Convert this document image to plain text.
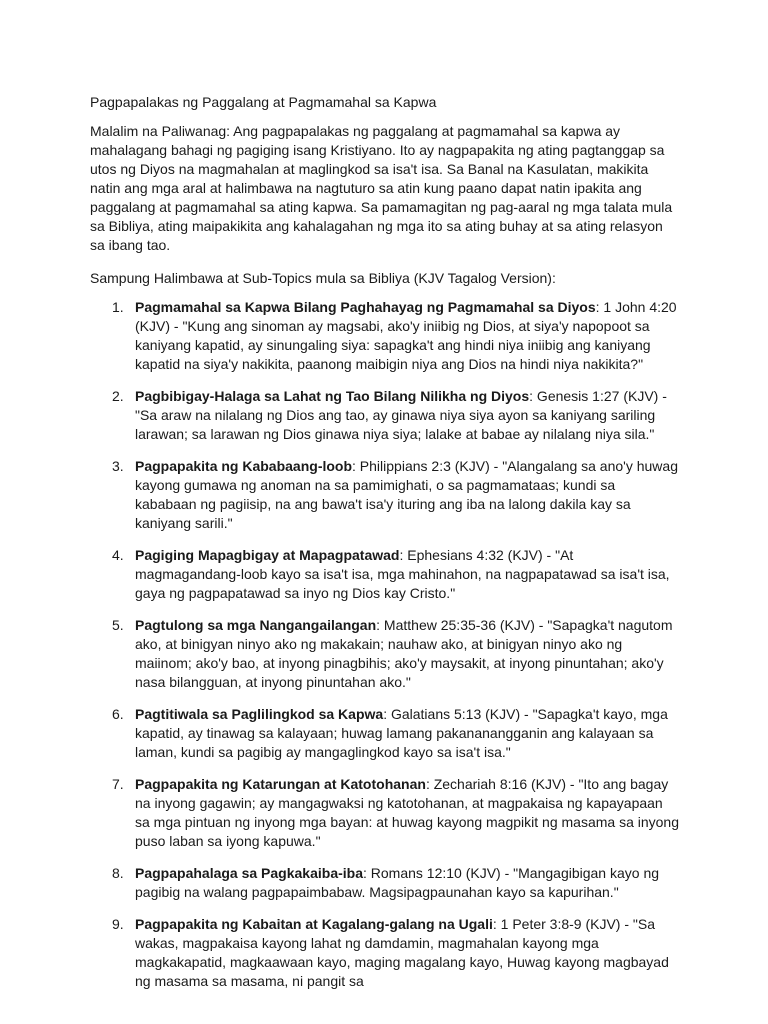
Pagpapalakas ng Paggalang at Pagmamahal sa Kapwa

Malalim na Paliwanag: Ang pagpapalakas ng paggalang at pagmamahal sa kapwa ay mahalagang bahagi ng pagiging isang Kristiyano. Ito ay nagpapakita ng ating pagtanggap sa utos ng Diyos na magmahalan at maglingkod sa isa't isa. Sa Banal na Kasulatan, makikita natin ang mga aral at halimbawa na nagtuturo sa atin kung paano dapat natin ipakita ang paggalang at pagmamahal sa ating kapwa. Sa pamamagitan ng pag-aaral ng mga talata mula sa Bibliya, ating maipakikita ang kahalagahan ng mga ito sa ating buhay at sa ating relasyon sa ibang tao.

Sampung Halimbawa at Sub-Topics mula sa Bibliya (KJV Tagalog Version):

1. Pagmamahal sa Kapwa Bilang Paghahayag ng Pagmamahal sa Diyos: 1 John 4:20 (KJV) - "Kung ang sinoman ay magsabi, ako'y iniibig ng Dios, at siya'y napopoot sa kaniyang kapatid, ay sinungaling siya: sapagka't ang hindi niya iniibig ang kaniyang kapatid na siya'y nakikita, paanong maibigin niya ang Dios na hindi niya nakikita?"
2. Pagbibigay-Halaga sa Lahat ng Tao Bilang Nilikha ng Diyos: Genesis 1:27 (KJV) - "Sa araw na nilalang ng Dios ang tao, ay ginawa niya siya ayon sa kaniyang sariling larawan; sa larawan ng Dios ginawa niya siya; lalake at babae ay nilalang niya sila."
3. Pagpapakita ng Kababaang-loob: Philippians 2:3 (KJV) - "Alangalang sa ano'y huwag kayong gumawa ng anoman na sa pamimighati, o sa pagmamataas; kundi sa kababaan ng pagiisip, na ang bawa't isa'y ituring ang iba na lalong dakila kay sa kaniyang sarili."
4. Pagiging Mapagbigay at Mapagpatawad: Ephesians 4:32 (KJV) - "At magmagandang-loob kayo sa isa't isa, mga mahinahon, na nagpapatawad sa isa't isa, gaya ng pagpapatawad sa inyo ng Dios kay Cristo."
5. Pagtulong sa mga Nangangailangan: Matthew 25:35-36 (KJV) - "Sapagka't nagutom ako, at binigyan ninyo ako ng makakain; nauhaw ako, at binigyan ninyo ako ng maiinom; ako'y bao, at inyong pinagbihis; ako'y maysakit, at inyong pinuntahan; ako'y nasa bilangguan, at inyong pinuntahan ako."
6. Pagtitiwala sa Paglilingkod sa Kapwa: Galatians 5:13 (KJV) - "Sapagka't kayo, mga kapatid, ay tinawag sa kalayaan; huwag lamang pakananangganin ang kalayaan sa laman, kundi sa pagibig ay mangaglingkod kayo sa isa't isa."
7. Pagpapakita ng Katarungan at Katotohanan: Zechariah 8:16 (KJV) - "Ito ang bagay na inyong gagawin; ay mangagwaksi ng katotohanan, at magpakaisa ng kapayapaan sa mga pintuan ng inyong mga bayan: at huwag kayong magpikit ng masama sa inyong puso laban sa iyong kapuwa."
8. Pagpapahalaga sa Pagkakaiba-iba: Romans 12:10 (KJV) - "Mangagibigan kayo ng pagibig na walang pagpapaimbabaw. Magsipagpaunahan kayo sa kapurihan."
9. Pagpapakita ng Kabaitan at Kagalang-galang na Ugali: 1 Peter 3:8-9 (KJV) - "Sa wakas, magpakaisa kayong lahat ng damdamin, magmahalan kayong mga magkakapatid, magkaawaan kayo, maging magalang kayo, Huwag kayong magbayad ng masama sa masama, ni pangit sa
